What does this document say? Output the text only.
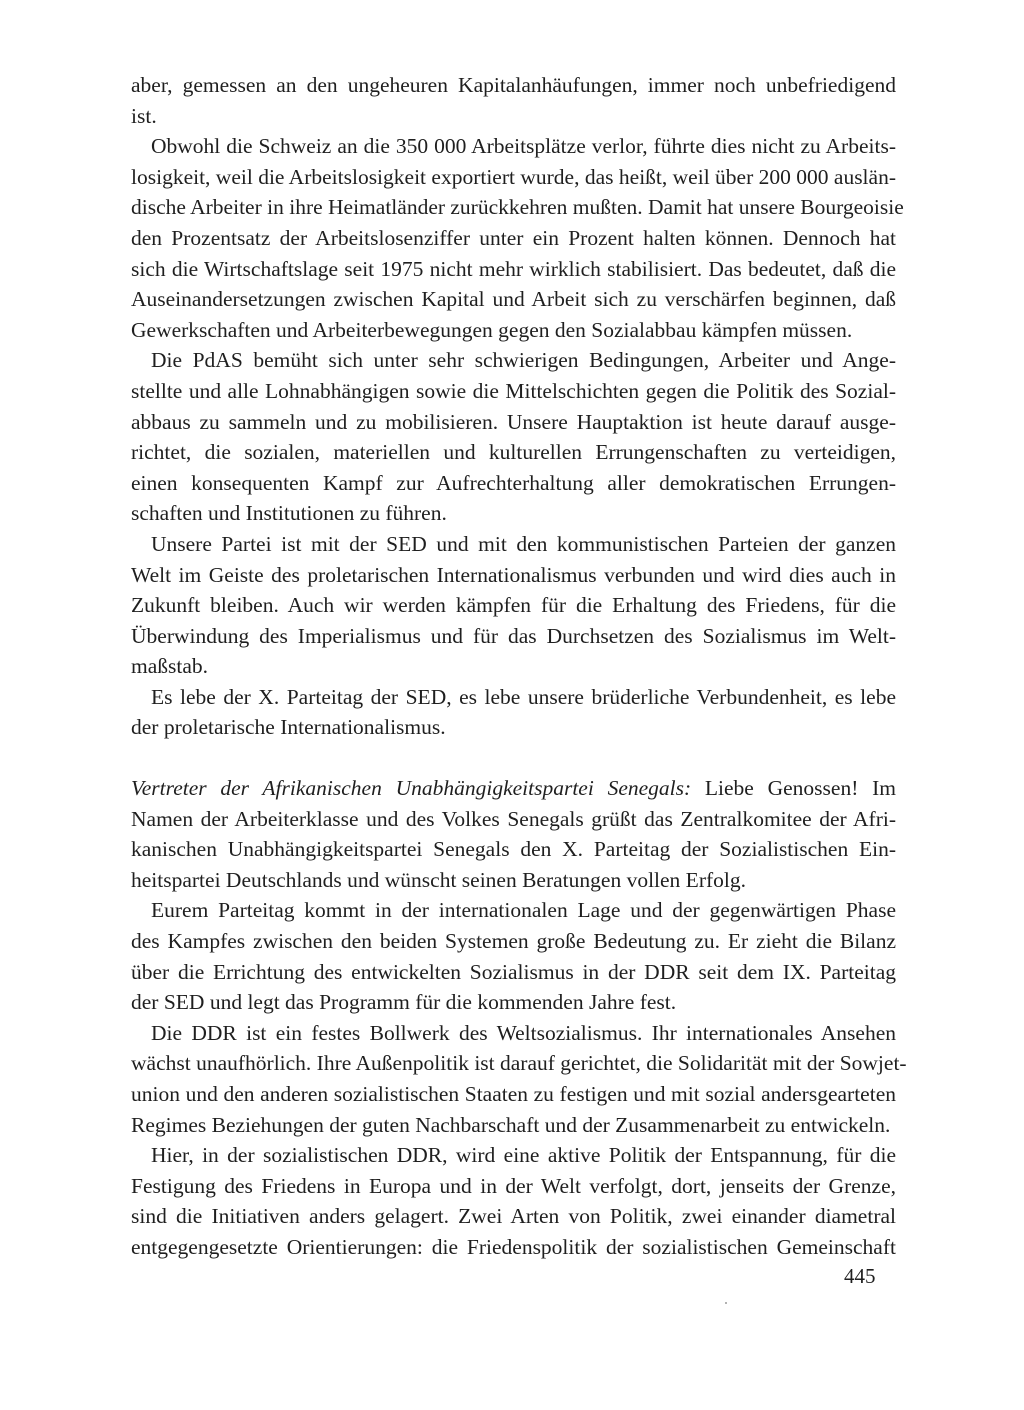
aber, gemessen an den ungeheuren Kapitalanhäufungen, immer noch unbefriedigend
ist.

Obwohl die Schweiz an die 350 000 Arbeitsplätze verlor, führte dies nicht zu Arbeits-
losigkeit, weil die Arbeitslosigkeit exportiert wurde, das heißt, weil über 200 000 auslän-
dische Arbeiter in ihre Heimatländer zurückkehren mußten. Damit hat unsere Bourgeoisie
den Prozentsatz der Arbeitslosenziffer unter ein Prozent halten können. Dennoch hat
sich die Wirtschaftslage seit 1975 nicht mehr wirklich stabilisiert. Das bedeutet, daß die
Auseinandersetzungen zwischen Kapital und Arbeit sich zu verschärfen beginnen, daß
Gewerkschaften und Arbeiterbewegungen gegen den Sozialabbau kämpfen müssen.

Die PdAS bemüht sich unter sehr schwierigen Bedingungen, Arbeiter und Ange-
stellte und alle Lohnabhängigen sowie die Mittelschichten gegen die Politik des Sozial-
abbaus zu sammeln und zu mobilisieren. Unsere Hauptaktion ist heute darauf ausge-
richtet, die sozialen, materiellen und kulturellen Errungenschaften zu verteidigen,
einen konsequenten Kampf zur Aufrechterhaltung aller demokratischen Errungen-
schaften und Institutionen zu führen.

Unsere Partei ist mit der SED und mit den kommunistischen Parteien der ganzen
Welt im Geiste des proletarischen Internationalismus verbunden und wird dies auch in
Zukunft bleiben. Auch wir werden kämpfen für die Erhaltung des Friedens, für die
Überwindung des Imperialismus und für das Durchsetzen des Sozialismus im Welt-
maßstab.

Es lebe der X. Parteitag der SED, es lebe unsere brüderliche Verbundenheit, es lebe
der proletarische Internationalismus.

Vertreter der Afrikanischen Unabhängigkeitspartei Senegals: Liebe Genossen! Im
Namen der Arbeiterklasse und des Volkes Senegals grüßt das Zentralkomitee der Afri-
kanischen Unabhängigkeitspartei Senegals den X. Parteitag der Sozialistischen Ein-
heitspartei Deutschlands und wünscht seinen Beratungen vollen Erfolg.

Eurem Parteitag kommt in der internationalen Lage und der gegenwärtigen Phase
des Kampfes zwischen den beiden Systemen große Bedeutung zu. Er zieht die Bilanz
über die Errichtung des entwickelten Sozialismus in der DDR seit dem IX. Parteitag
der SED und legt das Programm für die kommenden Jahre fest.

Die DDR ist ein festes Bollwerk des Weltsozialismus. Ihr internationales Ansehen
wächst unaufhörlich. Ihre Außenpolitik ist darauf gerichtet, die Solidarität mit der Sowjet-
union und den anderen sozialistischen Staaten zu festigen und mit sozial andersgearteten
Regimes Beziehungen der guten Nachbarschaft und der Zusammenarbeit zu entwickeln.

Hier, in der sozialistischen DDR, wird eine aktive Politik der Entspannung, für die
Festigung des Friedens in Europa und in der Welt verfolgt, dort, jenseits der Grenze,
sind die Initiativen anders gelagert. Zwei Arten von Politik, zwei einander diametral
entgegengesetzte Orientierungen: die Friedenspolitik der sozialistischen Gemeinschaft

445
